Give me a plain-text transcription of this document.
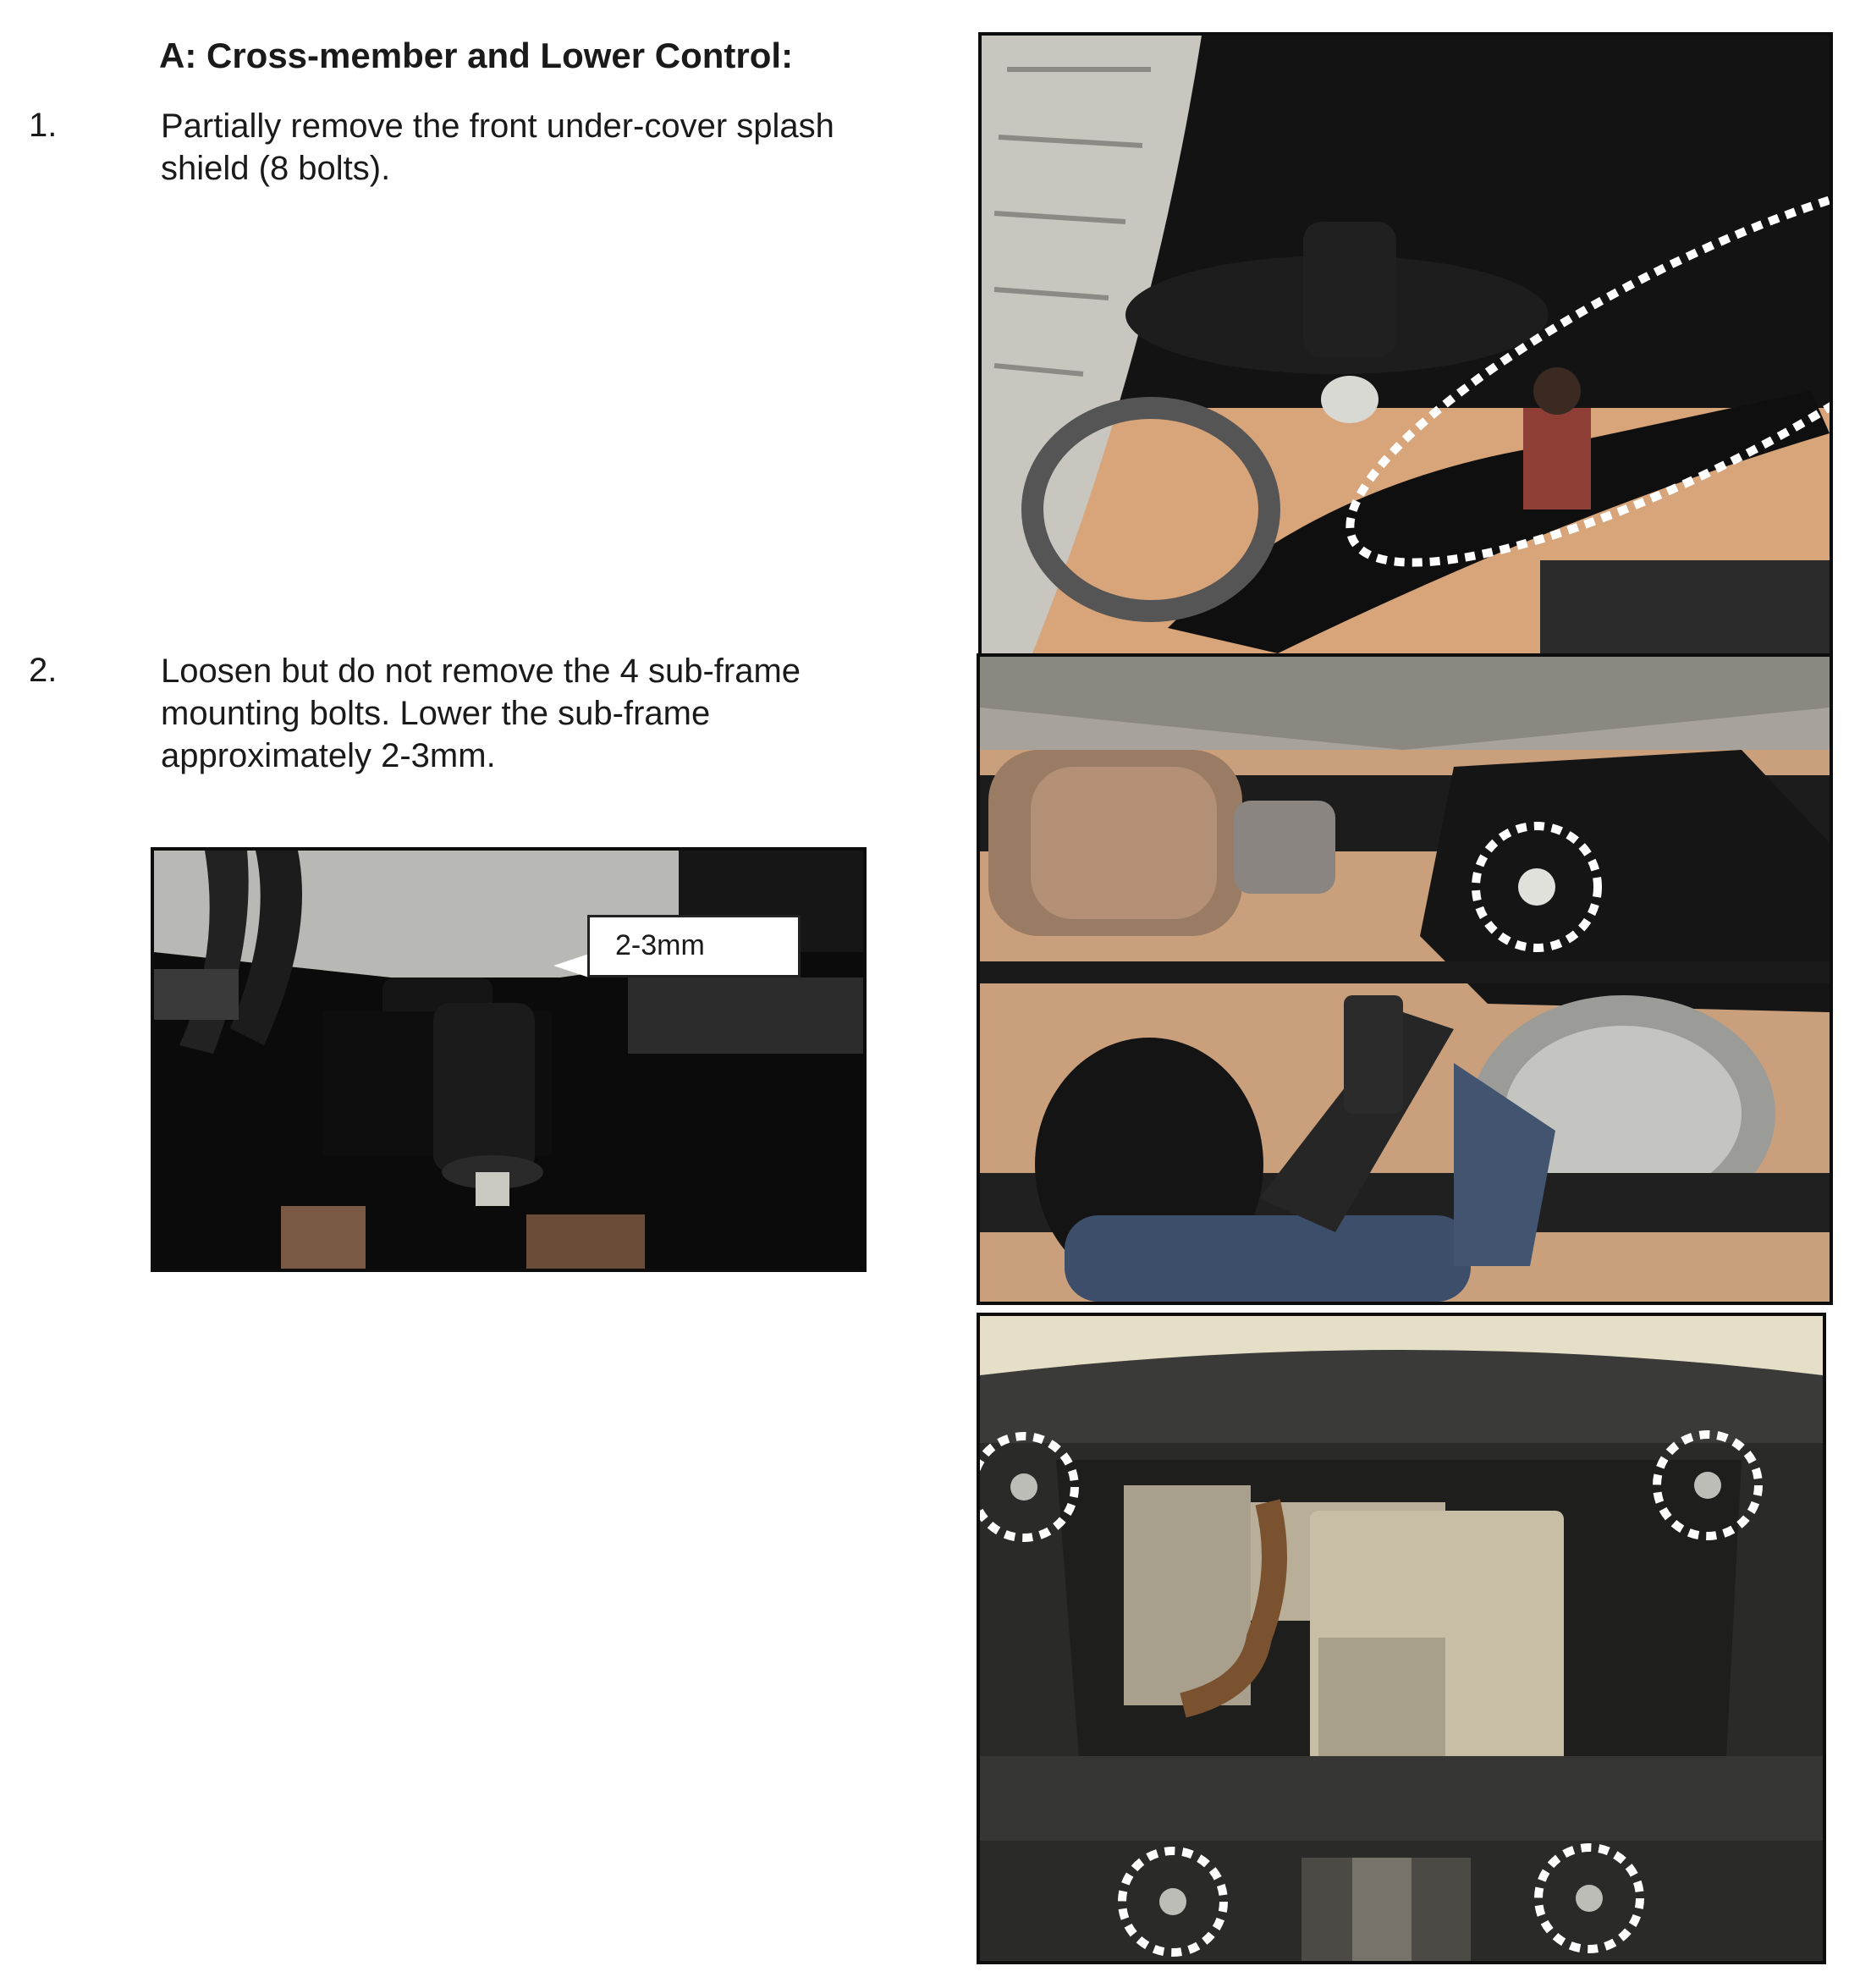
A: Cross-member and Lower Control:
1.	Partially remove the front under-cover splash shield (8 bolts).
2.	Loosen but do not remove the 4 sub-frame mounting bolts. Lower the sub-frame approximately 2-3mm.
2-3mm
